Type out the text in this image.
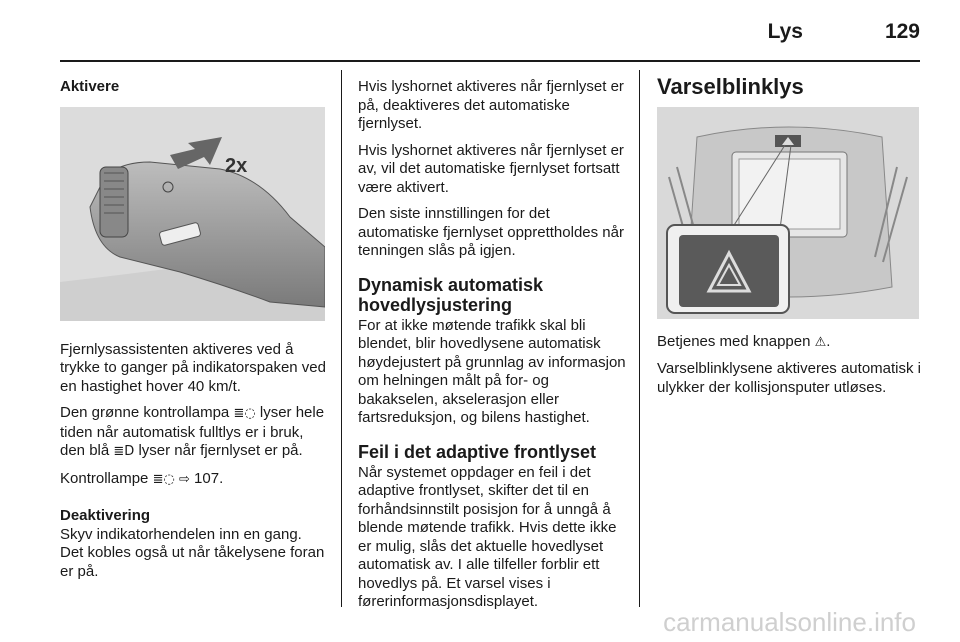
Lys	129
Aktivere
2x

Fjernlysassistenten aktiveres ved å trykke to ganger på indikatorspaken ved en hastighet hover 40 km/t.

Den grønne kontrollampa ≣◌ lyser hele tiden når automatisk fulltlys er i bruk, den blå ≣D lyser når fjernlyset er på.

Kontrollampe ≣◌ ⇨ 107.

Deaktivering

Skyv indikatorhendelen inn en gang. Det kobles også ut når tåkelysene foran er på.

Hvis lyshornet aktiveres når fjernlyset er på, deaktiveres det automatiske fjernlyset.

Hvis lyshornet aktiveres når fjernlyset er av, vil det automatiske fjernlyset fortsatt være aktivert.

Den siste innstillingen for det automatiske fjernlyset opprettholdes når tenningen slås på igjen.

Dynamisk automatisk hovedlysjustering

For at ikke møtende trafikk skal bli blendet, blir hovedlysene automatisk høydejustert på grunnlag av informasjon om helningen målt på for- og bakakselen, akselerasjon eller fartsreduksjon, og bilens hastighet.

Feil i det adaptive frontlyset

Når systemet oppdager en feil i det adaptive frontlyset, skifter det til en forhåndsinnstilt posisjon for å unngå å blende møtende trafikk. Hvis dette ikke er mulig, slås det aktuelle hovedlyset automatisk av. I alle tilfeller forblir ett hovedlys på. Et varsel vises i førerinformasjonsdisplayet.

Varselblinklys

Betjenes med knappen ⚠.

Varselblinklysene aktiveres automatisk i ulykker der kollisjonsputer utløses.

carmanualsonline.info
